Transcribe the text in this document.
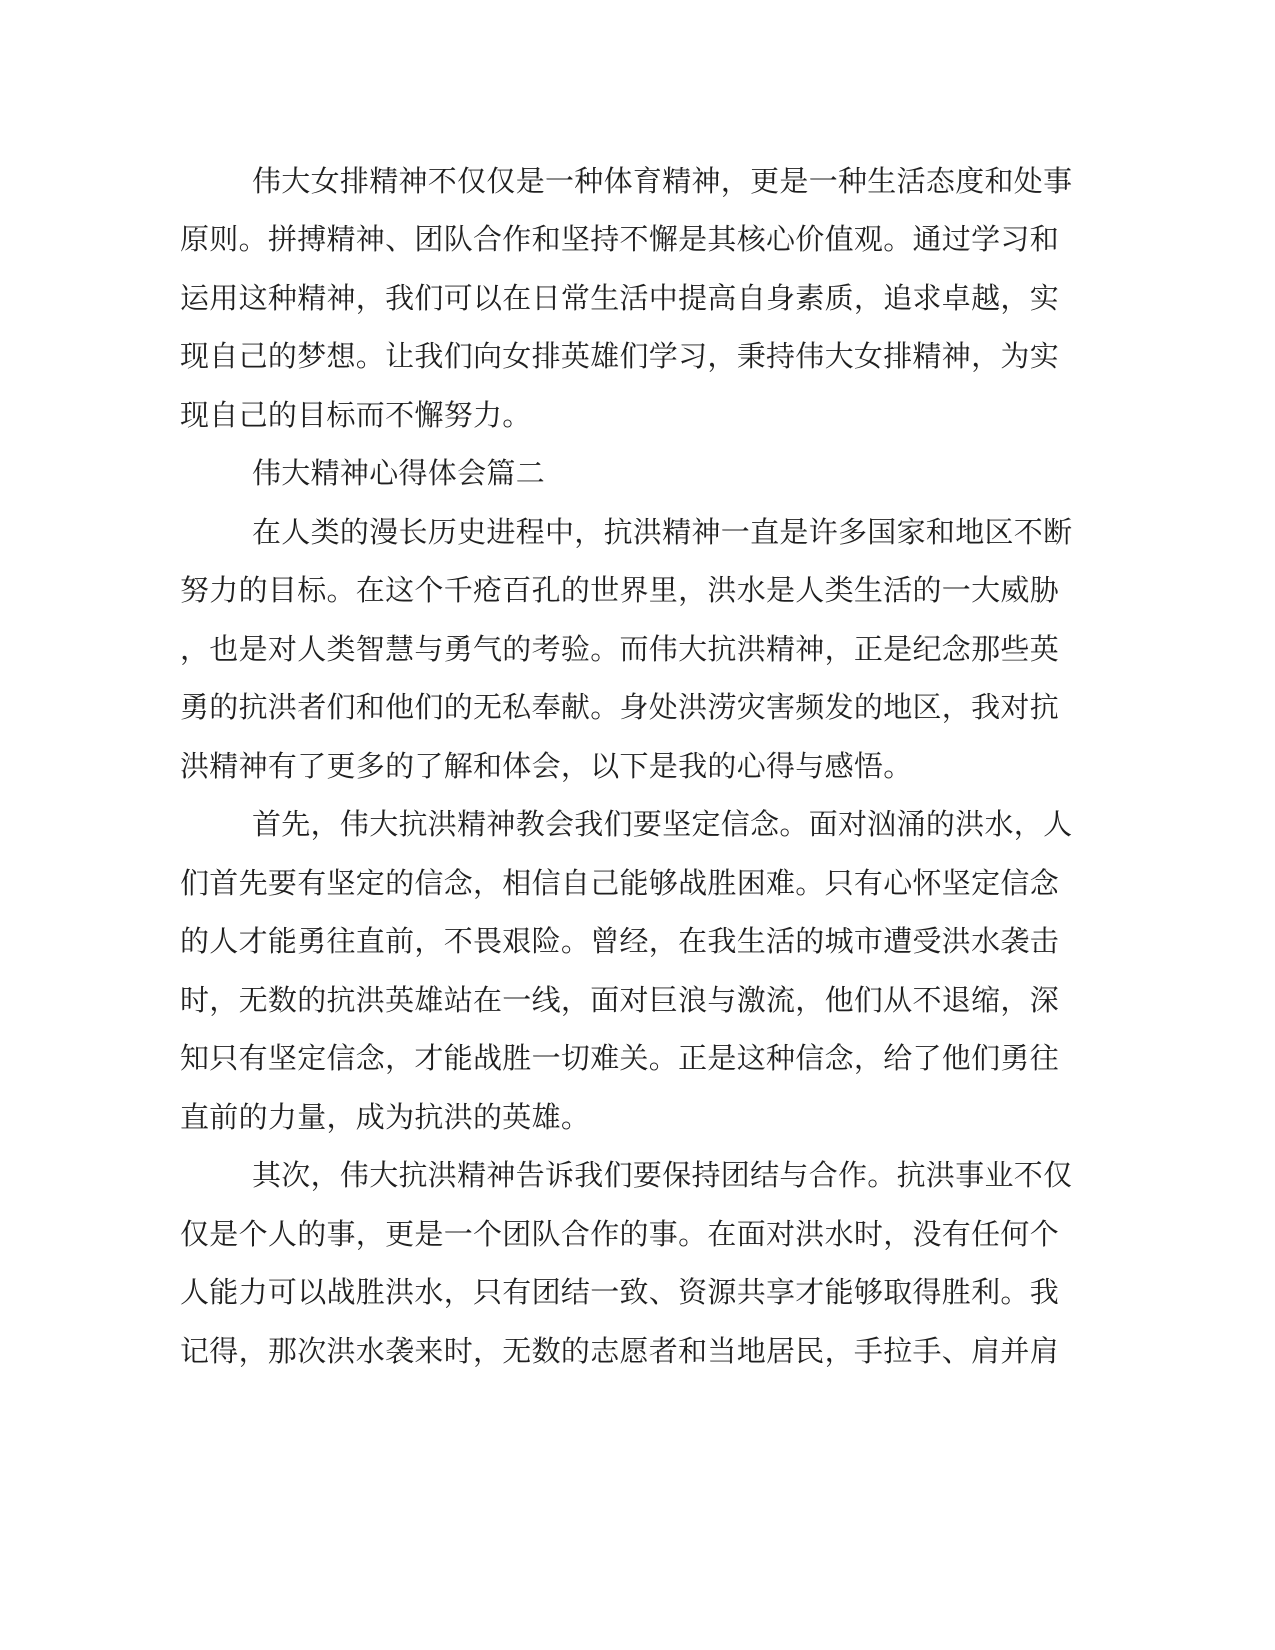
伟大女排精神不仅仅是一种体育精神，更是一种生活态度和处事
原则。拼搏精神、团队合作和坚持不懈是其核心价值观。通过学习和
运用这种精神，我们可以在日常生活中提高自身素质，追求卓越，实
现自己的梦想。让我们向女排英雄们学习，秉持伟大女排精神，为实
现自己的目标而不懈努力。
伟大精神心得体会篇二
在人类的漫长历史进程中，抗洪精神一直是许多国家和地区不断
努力的目标。在这个千疮百孔的世界里，洪水是人类生活的一大威胁
，也是对人类智慧与勇气的考验。而伟大抗洪精神，正是纪念那些英
勇的抗洪者们和他们的无私奉献。身处洪涝灾害频发的地区，我对抗
洪精神有了更多的了解和体会，以下是我的心得与感悟。
首先，伟大抗洪精神教会我们要坚定信念。面对汹涌的洪水，人
们首先要有坚定的信念，相信自己能够战胜困难。只有心怀坚定信念
的人才能勇往直前，不畏艰险。曾经，在我生活的城市遭受洪水袭击
时，无数的抗洪英雄站在一线，面对巨浪与激流，他们从不退缩，深
知只有坚定信念，才能战胜一切难关。正是这种信念，给了他们勇往
直前的力量，成为抗洪的英雄。
其次，伟大抗洪精神告诉我们要保持团结与合作。抗洪事业不仅
仅是个人的事，更是一个团队合作的事。在面对洪水时，没有任何个
人能力可以战胜洪水，只有团结一致、资源共享才能够取得胜利。我
记得，那次洪水袭来时，无数的志愿者和当地居民，手拉手、肩并肩
